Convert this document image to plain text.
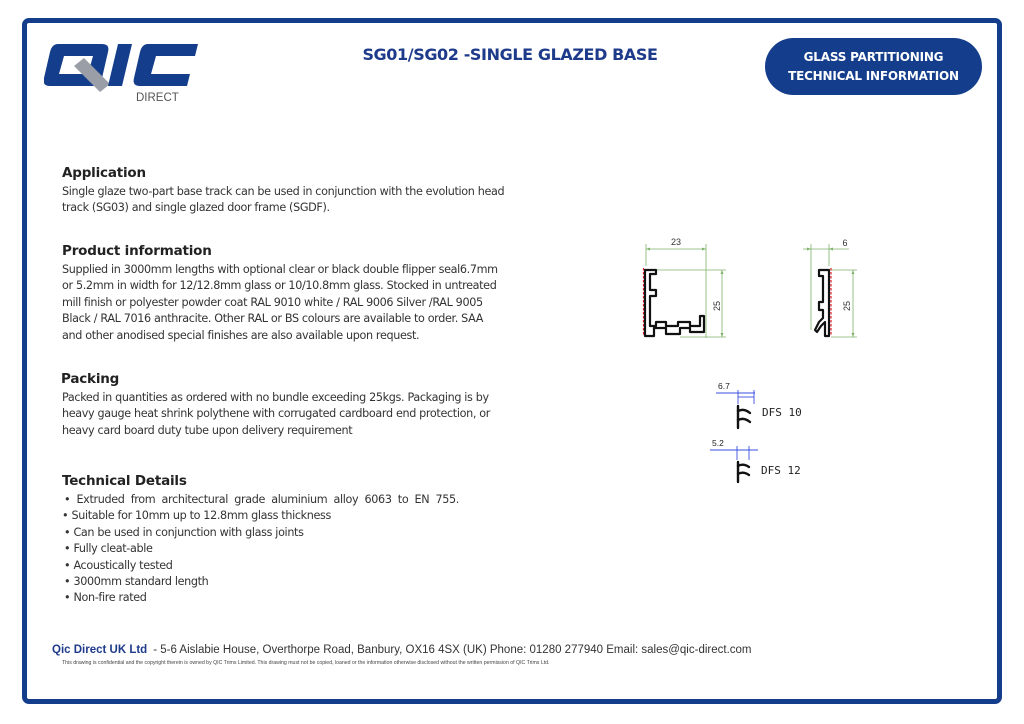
DIRECT
SG01/SG02 -SINGLE GLAZED BASE	GLASS PARTITIONING
TECHNICAL INFORMATION
Application
Single glaze two-part base track can be used in conjunction with the evolution head
track (SG03) and single glazed door frame (SGDF).
Product information
Supplied in 3000mm lengths with optional clear or black double flipper seal6.7mm
or 5.2mm in width for 12/12.8mm glass or 10/10.8mm glass. Stocked in untreated
mill finish or polyester powder coat RAL 9010 white / RAL 9006 Silver /RAL 9005
Black / RAL 7016 anthracite. Other RAL or BS colours are available to order. SAA
and other anodised special finishes are also available upon request.
Packing
Packed in quantities as ordered with no bundle exceeding 25kgs. Packaging is by
heavy gauge heat shrink polythene with corrugated cardboard end protection, or
heavy card board duty tube upon delivery requirement
Technical Details
• Extruded from architectural grade aluminium alloy 6063 to EN 755.
• Suitable for 10mm up to 12.8mm glass thickness
• Can be used in conjunction with glass joints
• Fully cleat-able
• Acoustically tested
• 3000mm standard length
• Non-fire rated
23
25
6
25
6.7
DFS 10
5.2
DFS 12
Qic Direct UK Ltd - 5-6 Aislabie House, Overthorpe Road, Banbury, OX16 4SX (UK) Phone: 01280 277940 Email: sales@qic-direct.com
This drawing is confidential and the copyright therein is owned by QIC Trims Limited. This drawing must not be copied, loaned or the information otherwise disclosed without the written permission of QIC Trims Ltd.
